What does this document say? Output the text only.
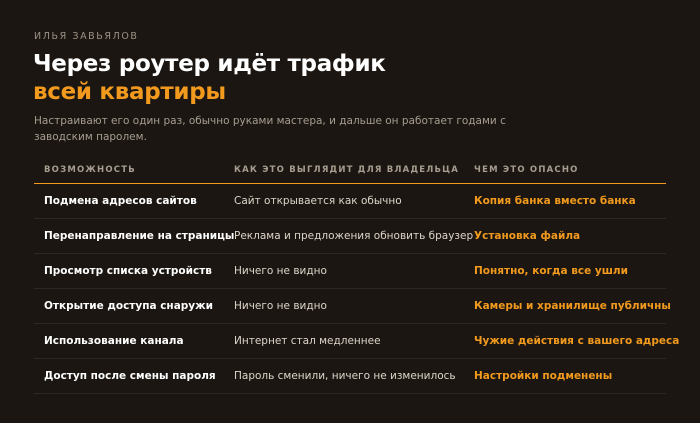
ИЛЬЯ ЗАВЬЯЛОВ
Через роутер идёт трафик
всей квартиры

Настраивают его один раз, обычно руками мастера, и дальше он работает годами с заводским паролем.

ВОЗМОЖНОСТЬ	КАК ЭТО ВЫГЛЯДИТ ДЛЯ ВЛАДЕЛЬЦА	ЧЕМ ЭТО ОПАСНО
Подмена адресов сайтов	Сайт открывается как обычно	Копия банка вместо банка
Перенаправление на страницы	Реклама и предложения обновить браузер	Установка файла
Просмотр списка устройств	Ничего не видно	Понятно, когда все ушли
Открытие доступа снаружи	Ничего не видно	Камеры и хранилище публичны
Использование канала	Интернет стал медленнее	Чужие действия с вашего адреса
Доступ после смены пароля	Пароль сменили, ничего не изменилось	Настройки подменены
